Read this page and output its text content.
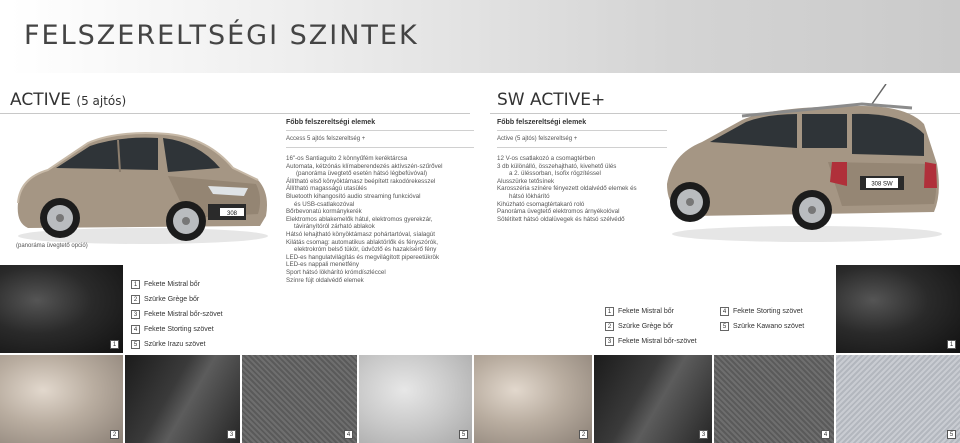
FELSZERELTSÉGI SZINTEK
ACTIVE (5 ajtós)	SW ACTIVE+
308
(panoráma üvegtető opció)
308 SW
Főbb felszereltségi elemek
Access 5 ajtós felszereltség +
16"-os Santiaguito 2 könnyűfém keréktárcsa
Automata, kétzónás klímaberendezés aktívszén-szűrővel
(panoráma üvegtető esetén hátsó légbefúvóval)
Állítható első könyöktámasz beépített rakodórekesszel
Állítható magasságú utasülés
Bluetooth kihangosító audio streaming funkcióval
és USB-csatlakozóval
Bőrbevonatú kormánykerék
Elektromos ablakemelők hátul, elektromos gyerekzár,
távirányítóról zárható ablakok
Hátsó lehajtható könyöktámasz pohártartóval, síalagút
Kilátás csomag: automatikus ablaktörlők és fényszórók,
elektrokróm belső tükör, üdvözlő és hazakísérő fény
LED-es hangulatvilágítás és megvilágított pipereetükrök
LED-es nappali menetfény
Sport hátsó lökhárító krómdíszléccel
Színre fújt oldalvédő elemek
Főbb felszereltségi elemek
Active (5 ajtós) felszereltség +
12 V-os csatlakozó a csomagtérben
3 db különálló, összehajtható, kivehető ülés
a 2. üléssorban, Isofix rögzítéssel
Alusszürke tetősínek
Karosszéria színére fényezett oldalvédő elemek és
hátsó lökhárító
Kihúzható csomagtértakaró roló
Panoráma üvegtető elektromos árnyékolóval
Sötétített hátsó oldalüvegek és hátsó szélvédő
1
1 Fekete Mistral bőr
2 Szürke Grège bőr
3 Fekete Mistral bőr-szövet
4 Fekete Storting szövet
5 Szürke Irazu szövet
1 Fekete Mistral bőr
2 Szürke Grège bőr
3 Fekete Mistral bőr-szövet
4 Fekete Storting szövet
5 Szürke Kawano szövet
1
2	3	4	5	2	3	4	5
